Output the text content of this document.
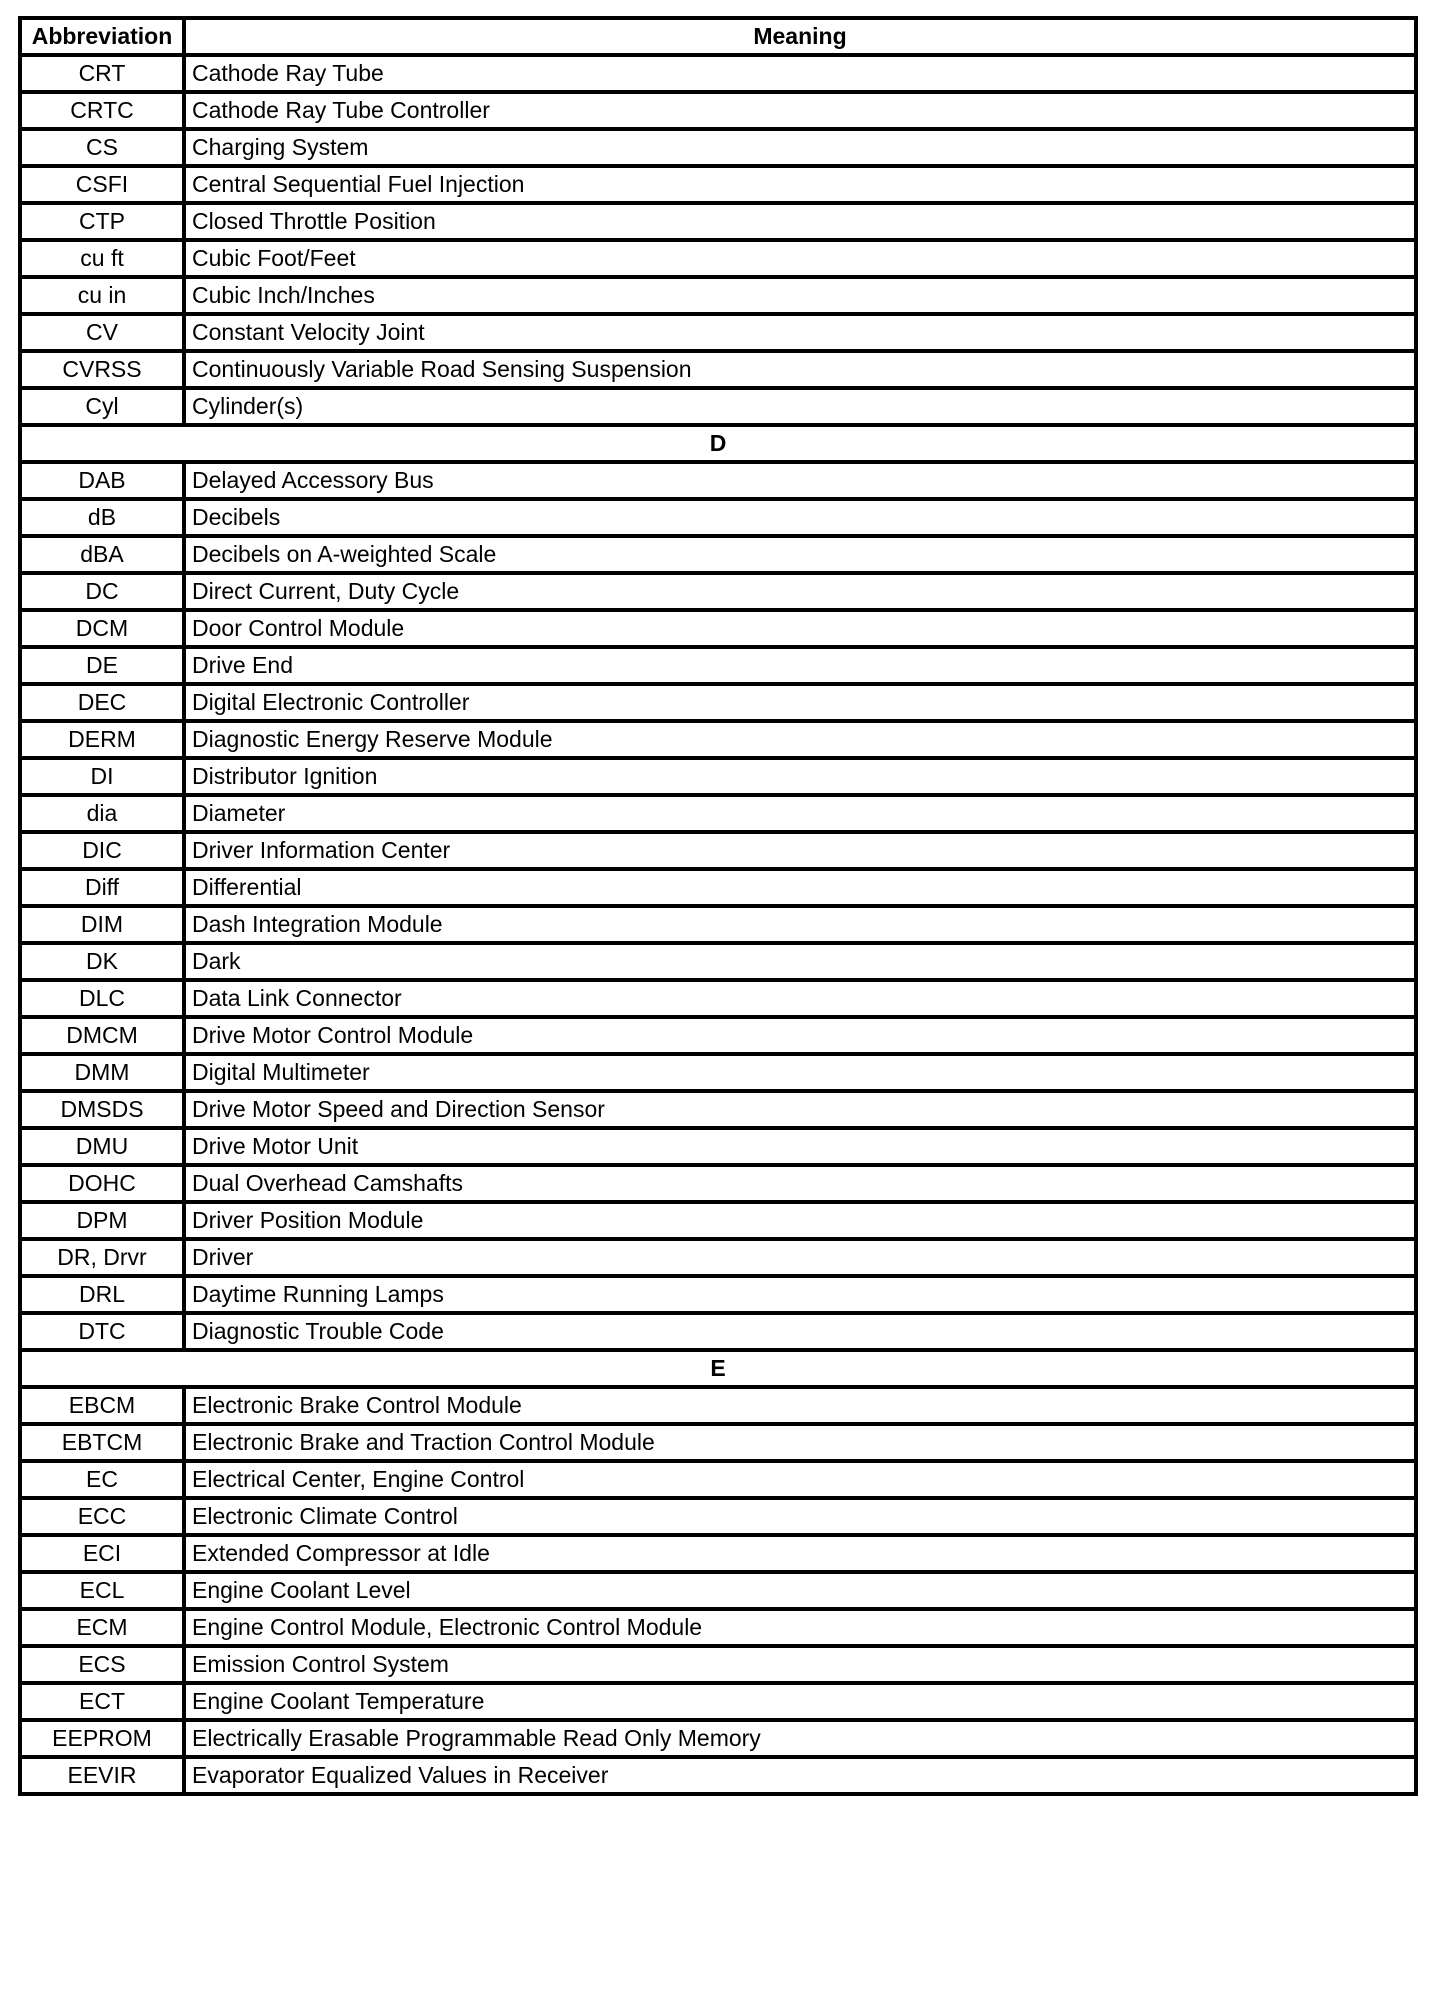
Abbreviation	Meaning
CRT	Cathode Ray Tube
CRTC	Cathode Ray Tube Controller
CS	Charging System
CSFI	Central Sequential Fuel Injection
CTP	Closed Throttle Position
cu ft	Cubic Foot/Feet
cu in	Cubic Inch/Inches
CV	Constant Velocity Joint
CVRSS	Continuously Variable Road Sensing Suspension
Cyl	Cylinder(s)
D	
DAB	Delayed Accessory Bus
dB	Decibels
dBA	Decibels on A-weighted Scale
DC	Direct Current, Duty Cycle
DCM	Door Control Module
DE	Drive End
DEC	Digital Electronic Controller
DERM	Diagnostic Energy Reserve Module
DI	Distributor Ignition
dia	Diameter
DIC	Driver Information Center
Diff	Differential
DIM	Dash Integration Module
DK	Dark
DLC	Data Link Connector
DMCM	Drive Motor Control Module
DMM	Digital Multimeter
DMSDS	Drive Motor Speed and Direction Sensor
DMU	Drive Motor Unit
DOHC	Dual Overhead Camshafts
DPM	Driver Position Module
DR, Drvr	Driver
DRL	Daytime Running Lamps
DTC	Diagnostic Trouble Code
E	
EBCM	Electronic Brake Control Module
EBTCM	Electronic Brake and Traction Control Module
EC	Electrical Center, Engine Control
ECC	Electronic Climate Control
ECI	Extended Compressor at Idle
ECL	Engine Coolant Level
ECM	Engine Control Module, Electronic Control Module
ECS	Emission Control System
ECT	Engine Coolant Temperature
EEPROM	Electrically Erasable Programmable Read Only Memory
EEVIR	Evaporator Equalized Values in Receiver
